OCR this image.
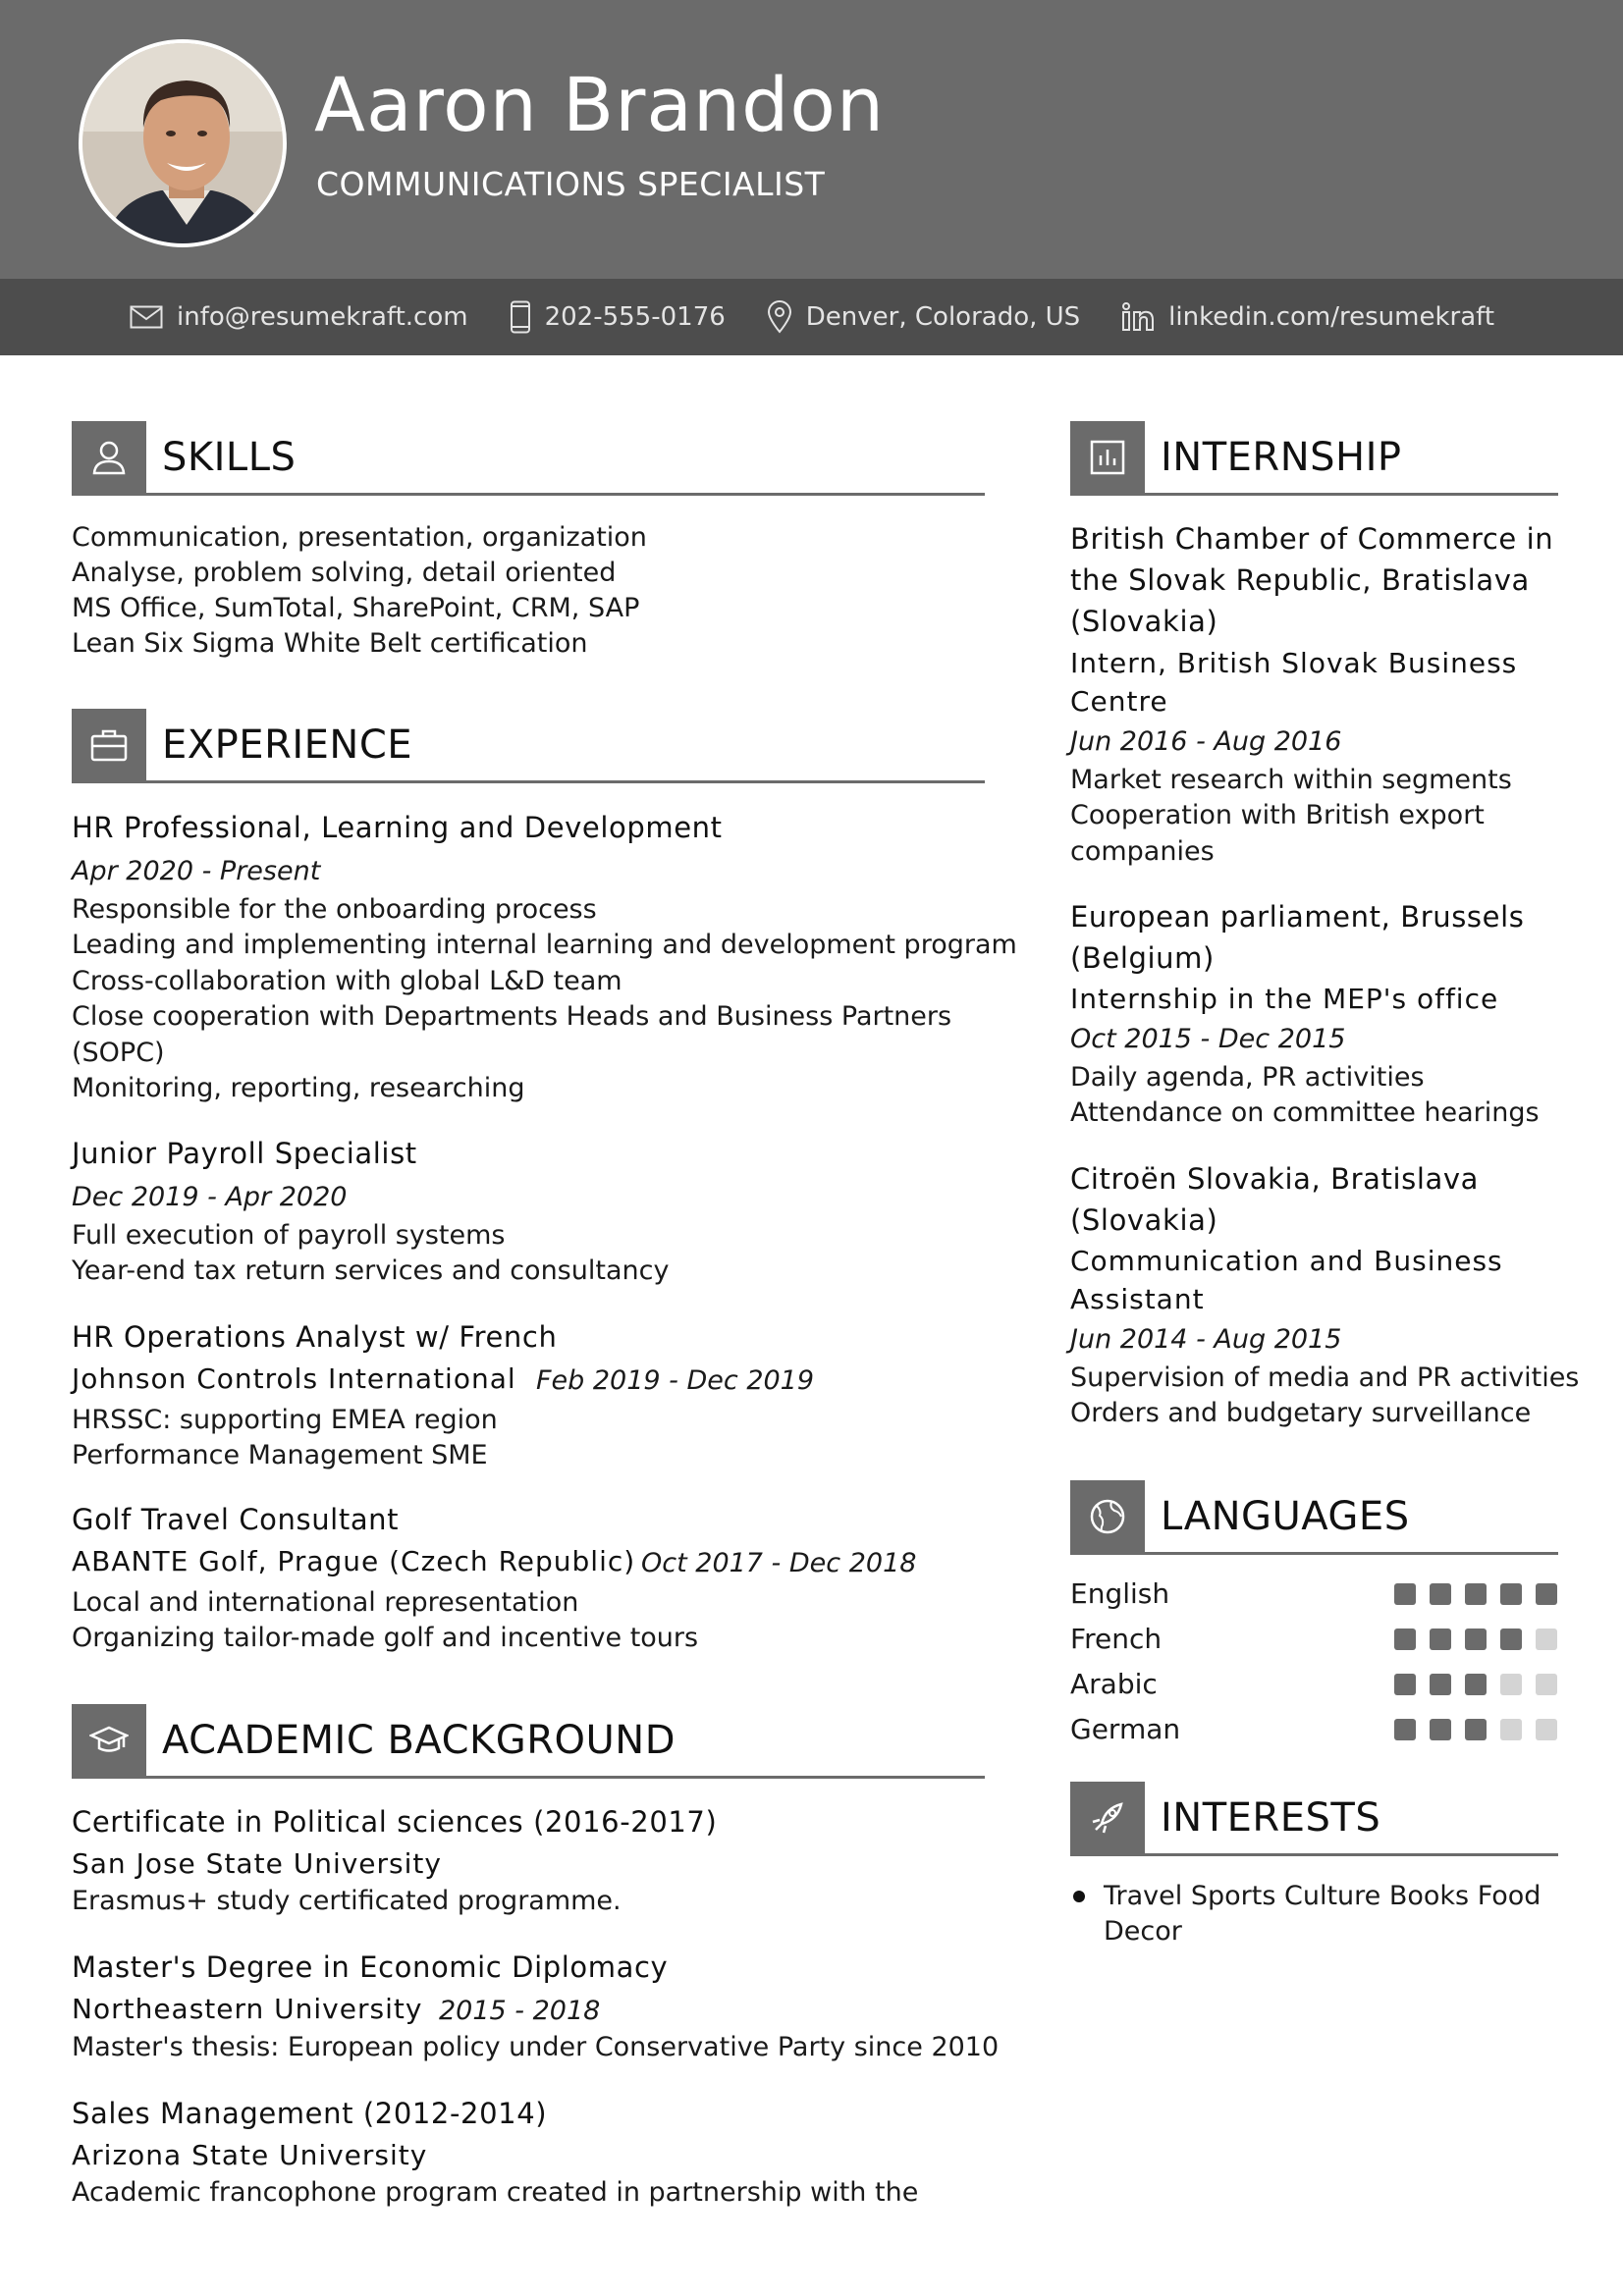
Aaron Brandon
COMMUNICATIONS SPECIALIST
info@resumekraft.com	202-555-0176	Denver, Colorado, US	linkedin.com/resumekraft
SKILLS
Communication, presentation, organization
Analyse, problem solving, detail oriented
MS Office, SumTotal, SharePoint, CRM, SAP
Lean Six Sigma White Belt certification
EXPERIENCE
HR Professional, Learning and Development
Apr 2020 - Present
Responsible for the onboarding process
Leading and implementing internal learning and development program
Cross-collaboration with global L&D team
Close cooperation with Departments Heads and Business Partners
(SOPC)
Monitoring, reporting, researching
Junior Payroll Specialist
Dec 2019 - Apr 2020
Full execution of payroll systems
Year-end tax return services and consultancy
HR Operations Analyst w/ French
Johnson Controls International Feb 2019 - Dec 2019
HRSSC: supporting EMEA region
Performance Management SME
Golf Travel Consultant
ABANTE Golf, Prague (Czech Republic) Oct 2017 - Dec 2018
Local and international representation
Organizing tailor-made golf and incentive tours
ACADEMIC BACKGROUND
Certificate in Political sciences (2016-2017)
San Jose State University
Erasmus+ study certificated programme.
Master's Degree in Economic Diplomacy
Northeastern University 2015 - 2018
Master's thesis: European policy under Conservative Party since 2010
Sales Management (2012-2014)
Arizona State University
Academic francophone program created in partnership with the
INTERNSHIP
British Chamber of Commerce in
the Slovak Republic, Bratislava
(Slovakia)
Intern, British Slovak Business
Centre
Jun 2016 - Aug 2016
Market research within segments
Cooperation with British export
companies
European parliament, Brussels
(Belgium)
Internship in the MEP's office
Oct 2015 - Dec 2015
Daily agenda, PR activities
Attendance on committee hearings
Citroën Slovakia, Bratislava
(Slovakia)
Communication and Business
Assistant
Jun 2014 - Aug 2015
Supervision of media and PR activities
Orders and budgetary surveillance
LANGUAGES
English
French
Arabic
German
INTERESTS
Travel Sports Culture Books Food
Decor
